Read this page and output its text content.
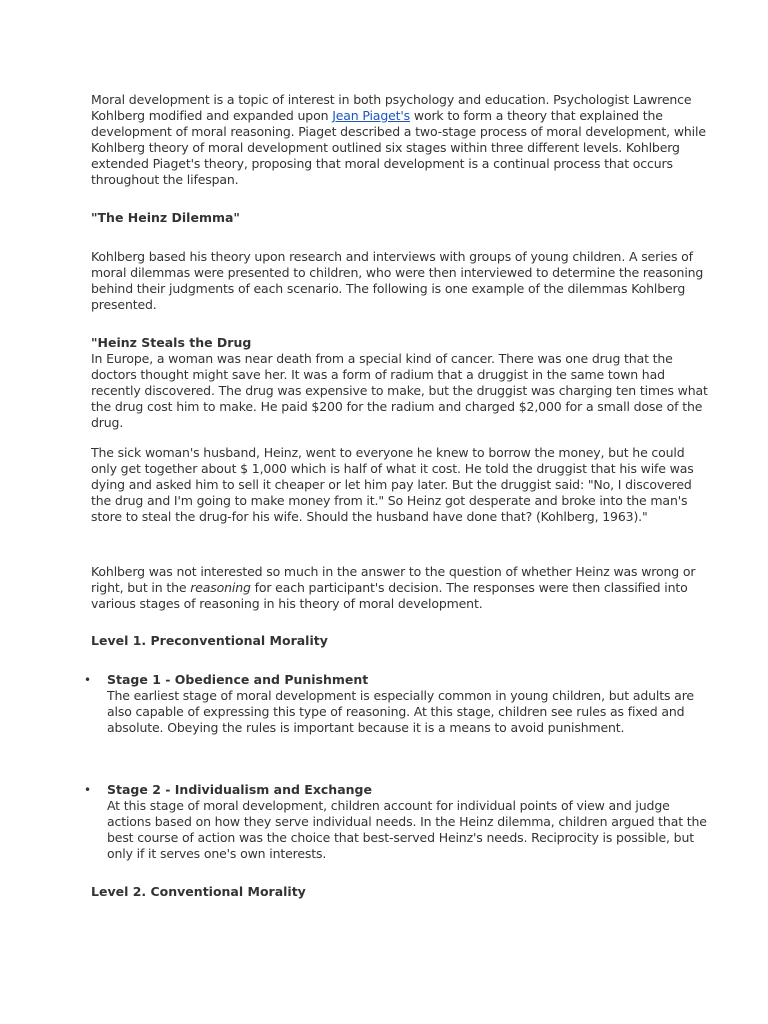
Moral development is a topic of interest in both psychology and education. Psychologist Lawrence Kohlberg modified and expanded upon Jean Piaget's work to form a theory that explained the development of moral reasoning. Piaget described a two-stage process of moral development, while Kohlberg theory of moral development outlined six stages within three different levels. Kohlberg extended Piaget's theory, proposing that moral development is a continual process that occurs throughout the lifespan.

"The Heinz Dilemma"

Kohlberg based his theory upon research and interviews with groups of young children. A series of moral dilemmas were presented to children, who were then interviewed to determine the reasoning behind their judgments of each scenario. The following is one example of the dilemmas Kohlberg presented.

"Heinz Steals the Drug

In Europe, a woman was near death from a special kind of cancer. There was one drug that the doctors thought might save her. It was a form of radium that a druggist in the same town had recently discovered. The drug was expensive to make, but the druggist was charging ten times what the drug cost him to make. He paid $200 for the radium and charged $2,000 for a small dose of the drug.

The sick woman's husband, Heinz, went to everyone he knew to borrow the money, but he could only get together about $ 1,000 which is half of what it cost. He told the druggist that his wife was dying and asked him to sell it cheaper or let him pay later. But the druggist said: "No, I discovered the drug and I'm going to make money from it." So Heinz got desperate and broke into the man's store to steal the drug-for his wife. Should the husband have done that? (Kohlberg, 1963)."

Kohlberg was not interested so much in the answer to the question of whether Heinz was wrong or right, but in the reasoning for each participant's decision. The responses were then classified into various stages of reasoning in his theory of moral development.

Level 1. Preconventional Morality

• Stage 1 - Obedience and Punishment

The earliest stage of moral development is especially common in young children, but adults are also capable of expressing this type of reasoning. At this stage, children see rules as fixed and absolute. Obeying the rules is important because it is a means to avoid punishment.

• Stage 2 - Individualism and Exchange

At this stage of moral development, children account for individual points of view and judge actions based on how they serve individual needs. In the Heinz dilemma, children argued that the best course of action was the choice that best-served Heinz's needs. Reciprocity is possible, but only if it serves one's own interests.

Level 2. Conventional Morality
